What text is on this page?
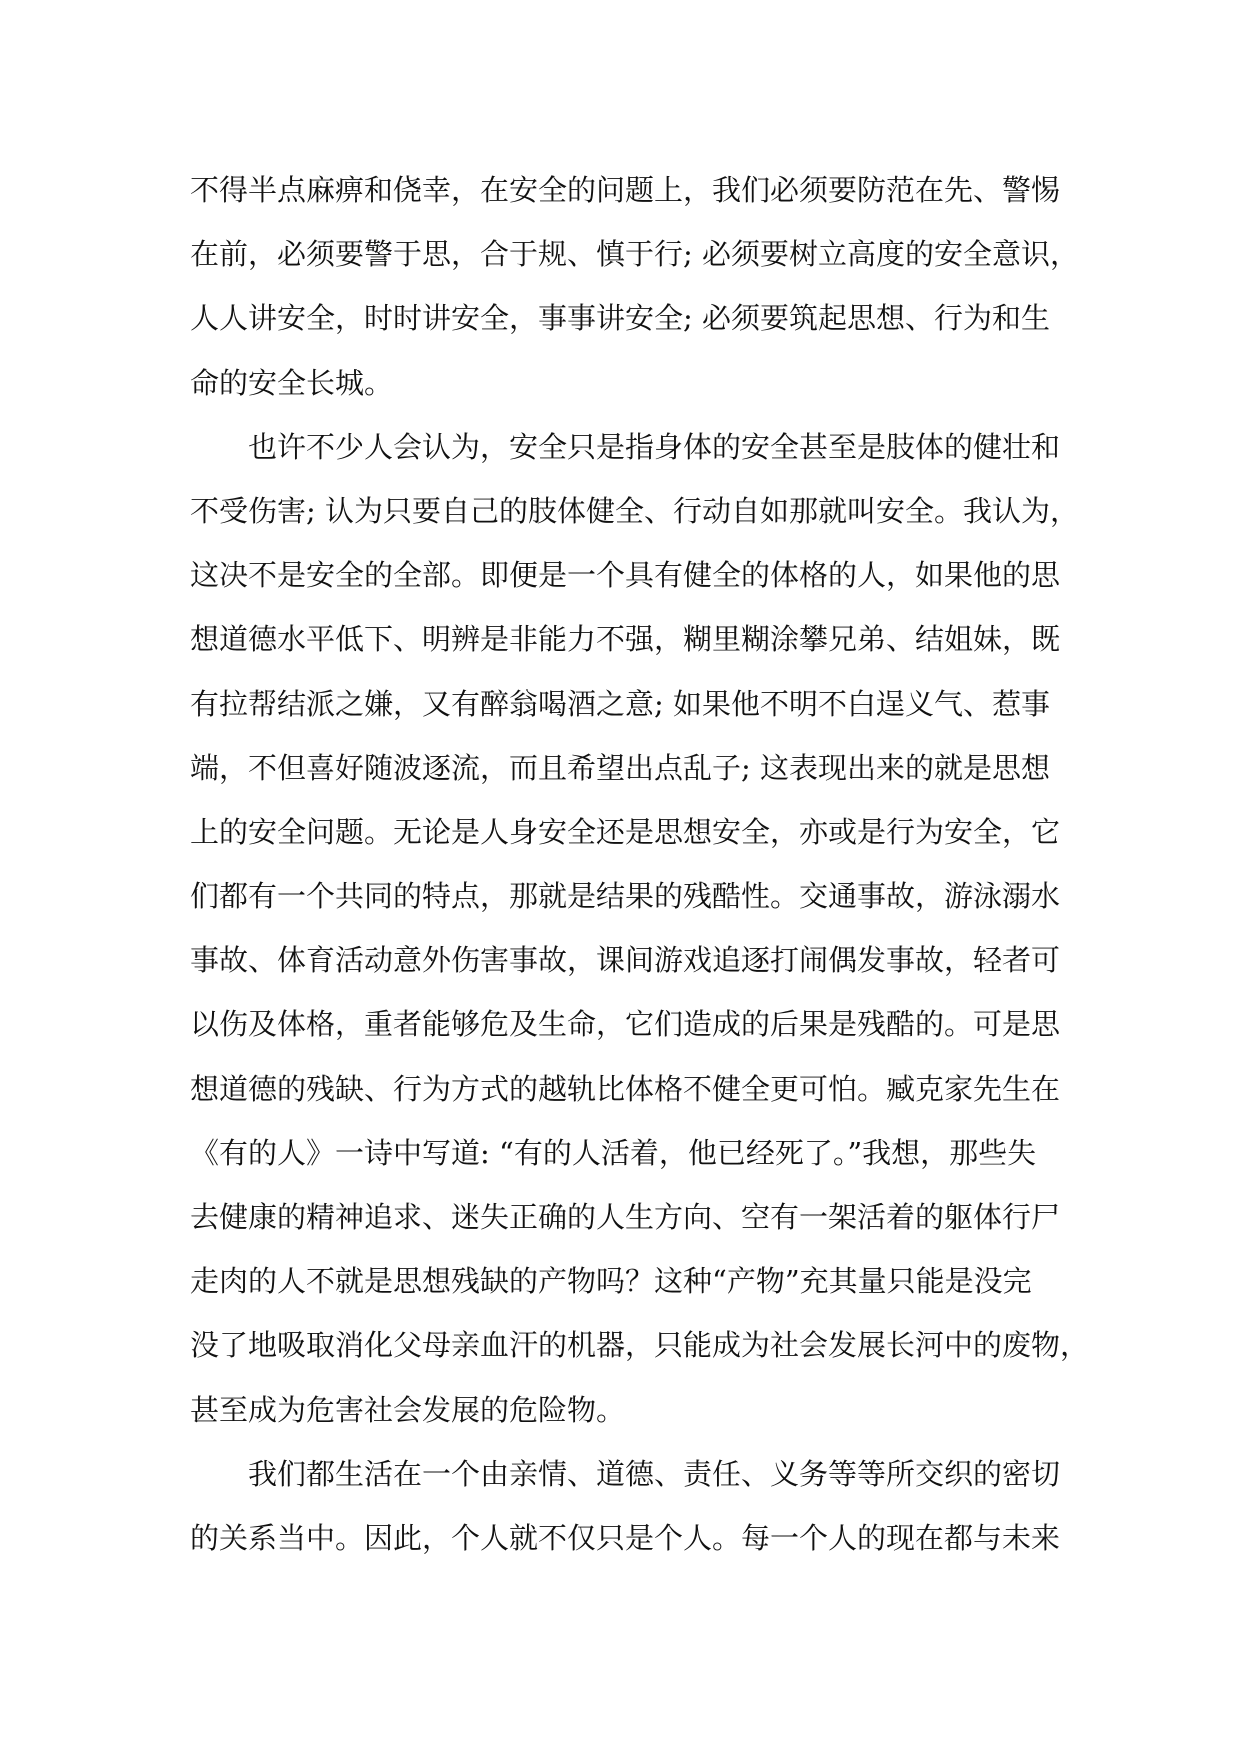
不得半点麻痹和侥幸，在安全的问题上，我们必须要防范在先、警惕
在前，必须要警于思，合于规、慎于行; 必须要树立高度的安全意识，
人人讲安全，时时讲安全，事事讲安全; 必须要筑起思想、行为和生
命的安全长城。
也许不少人会认为，安全只是指身体的安全甚至是肢体的健壮和
不受伤害; 认为只要自己的肢体健全、行动自如那就叫安全。我认为，
这决不是安全的全部。即便是一个具有健全的体格的人，如果他的思
想道德水平低下、明辨是非能力不强，糊里糊涂攀兄弟、结姐妹，既
有拉帮结派之嫌，又有醉翁喝酒之意; 如果他不明不白逞义气、惹事
端，不但喜好随波逐流，而且希望出点乱子; 这表现出来的就是思想
上的安全问题。无论是人身安全还是思想安全，亦或是行为安全，它
们都有一个共同的特点，那就是结果的残酷性。交通事故，游泳溺水
事故、体育活动意外伤害事故，课间游戏追逐打闹偶发事故，轻者可
以伤及体格，重者能够危及生命，它们造成的后果是残酷的。可是思
想道德的残缺、行为方式的越轨比体格不健全更可怕。臧克家先生在
《有的人》一诗中写道: “有的人活着，他已经死了。”我想，那些失
去健康的精神追求、迷失正确的人生方向、空有一架活着的躯体行尸
走肉的人不就是思想残缺的产物吗？这种“产物”充其量只能是没完
没了地吸取消化父母亲血汗的机器，只能成为社会发展长河中的废物，
甚至成为危害社会发展的危险物。
我们都生活在一个由亲情、道德、责任、义务等等所交织的密切
的关系当中。因此，个人就不仅只是个人。每一个人的现在都与未来
